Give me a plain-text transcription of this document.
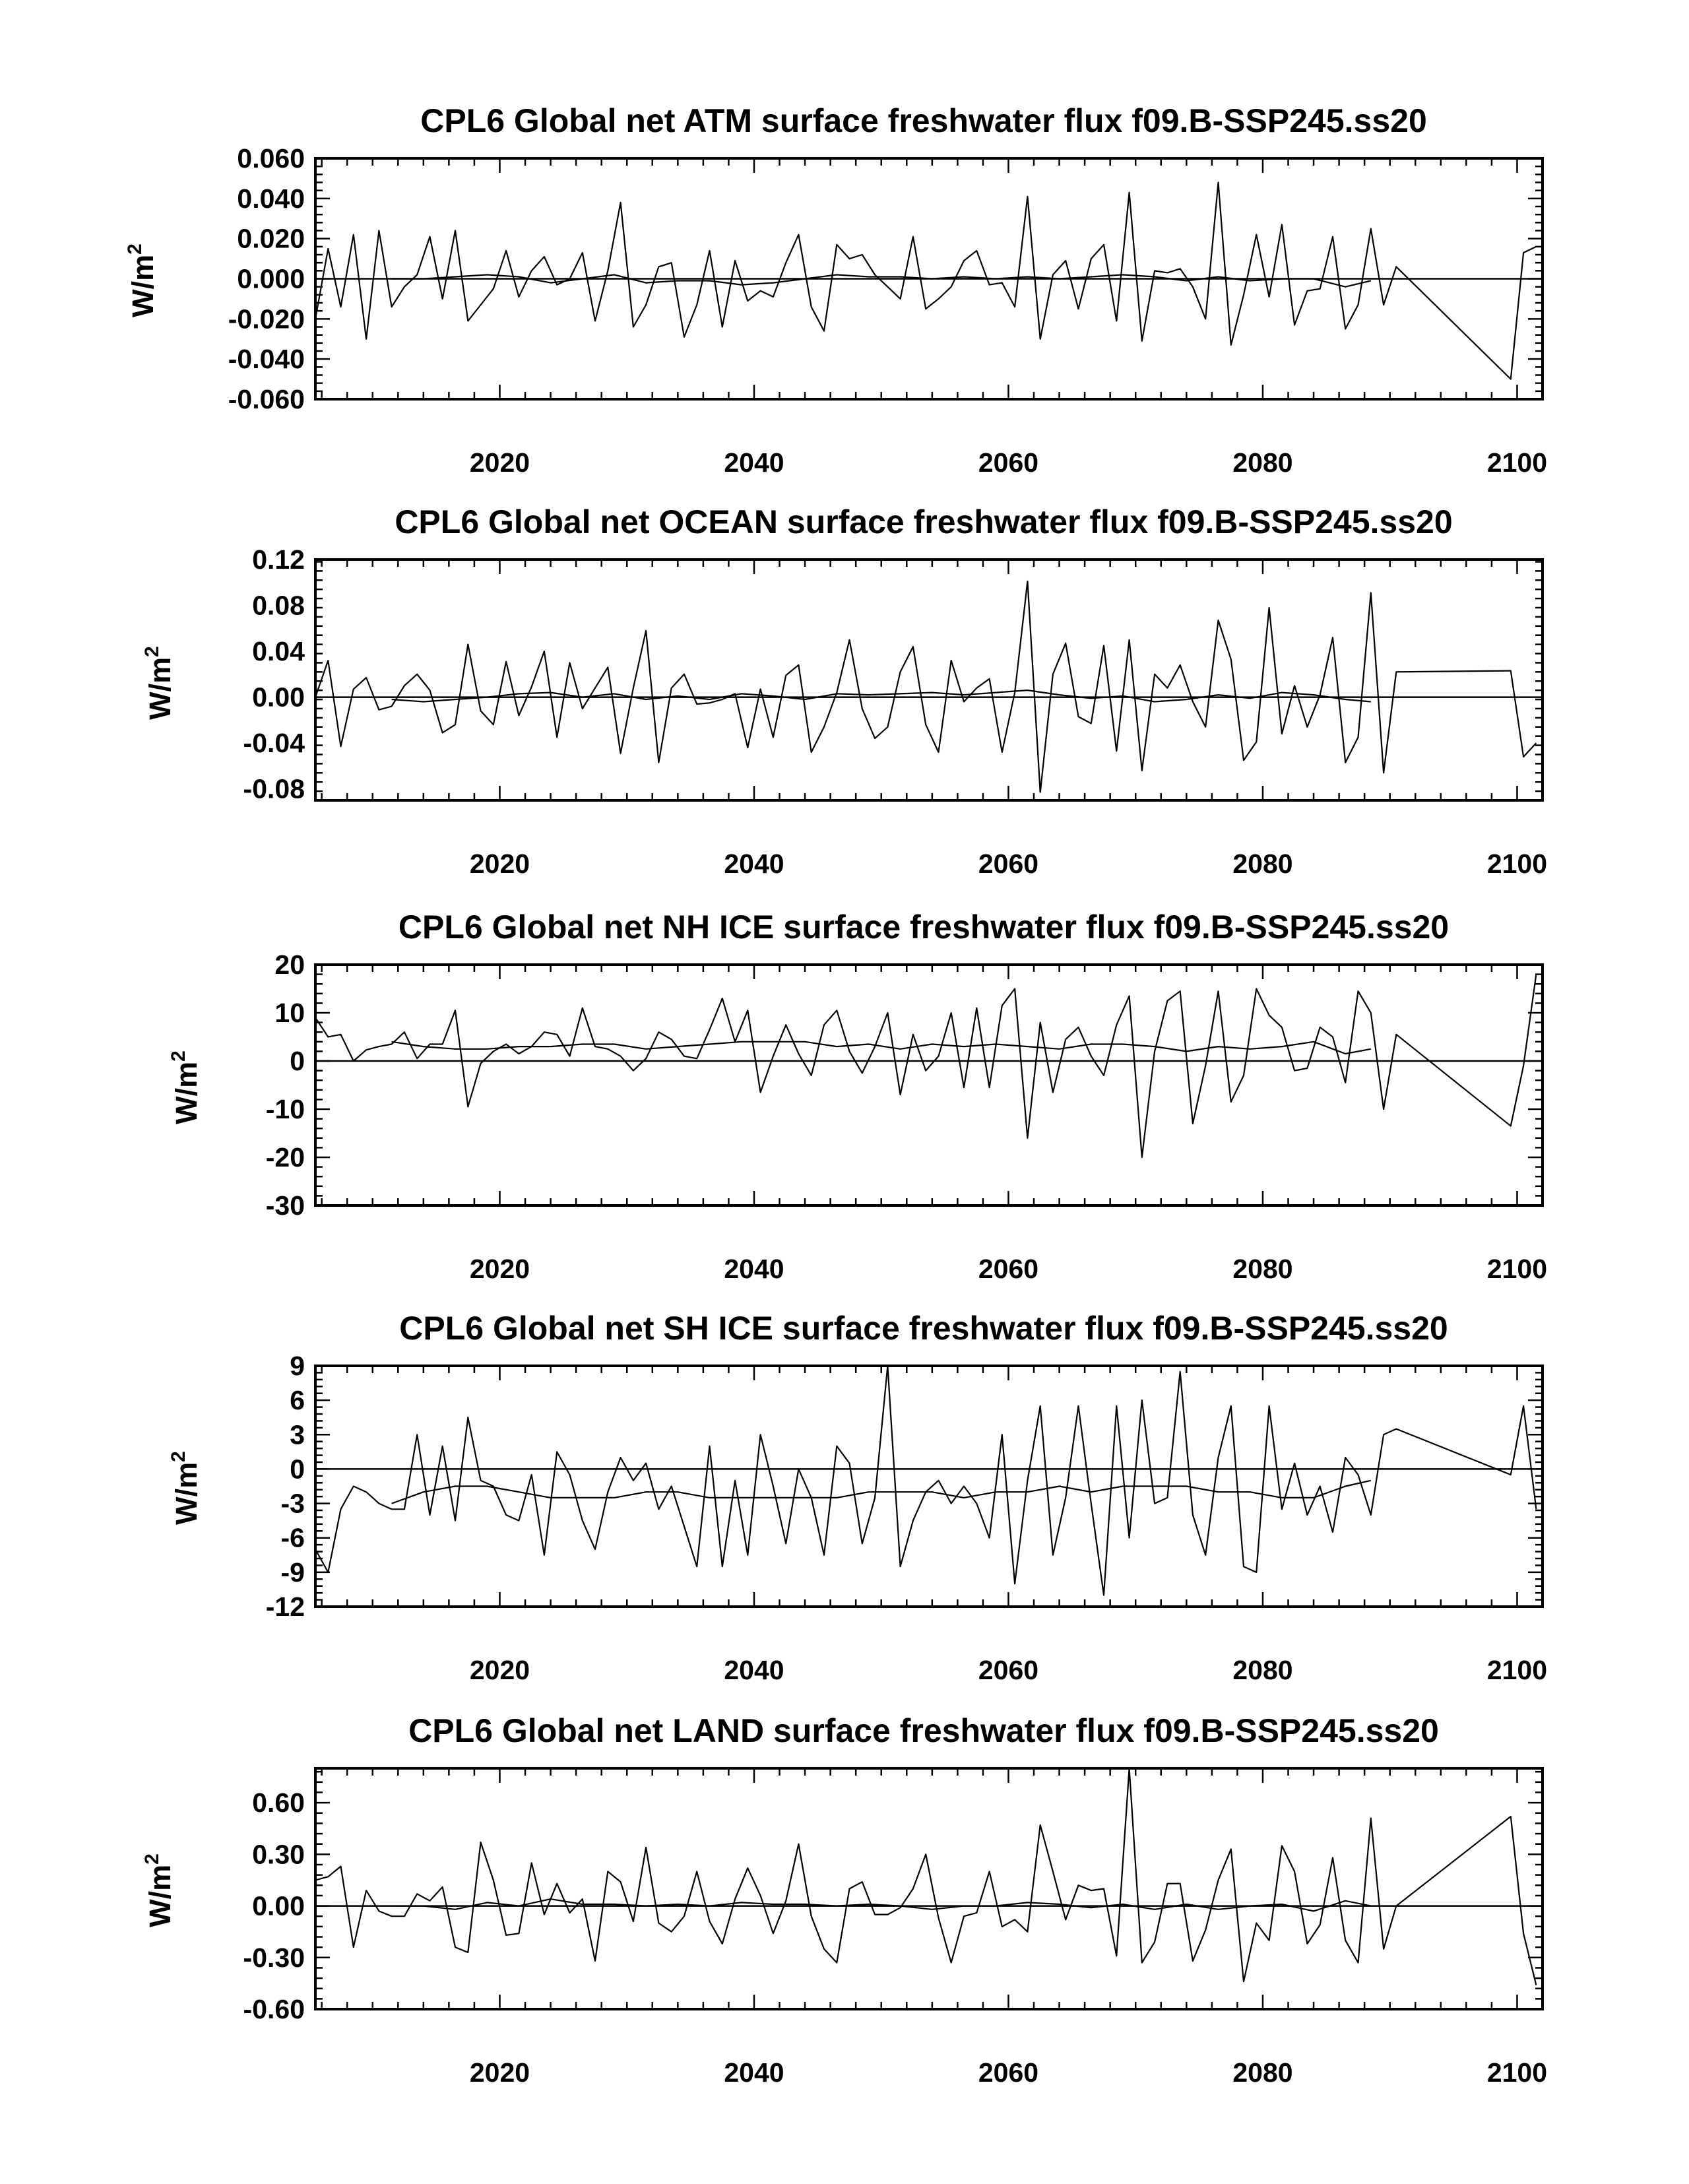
CPL6 Global net ATM surface freshwater flux f09.B-SSP245.ss20
$W/m^2$
-0.060
-0.040
-0.020
0.000
0.020
0.040
0.060
2020	2040	2060	2080	2100
CPL6 Global net OCEAN surface freshwater flux f09.B-SSP245.ss20
$W/m^2$
-0.08
-0.04
0.00
0.04
0.08
0.12
2020	2040	2060	2080	2100
CPL6 Global net NH ICE surface freshwater flux f09.B-SSP245.ss20
$W/m^2$
-30
-20
-10
0
10
20
2020	2040	2060	2080	2100
CPL6 Global net SH ICE surface freshwater flux f09.B-SSP245.ss20
$W/m^2$
-12
-9
-6
-3
0
3
6
9
2020	2040	2060	2080	2100
CPL6 Global net LAND surface freshwater flux f09.B-SSP245.ss20
$W/m^2$
-0.60
-0.30
0.00
0.30
0.60
2020	2040	2060	2080	2100
